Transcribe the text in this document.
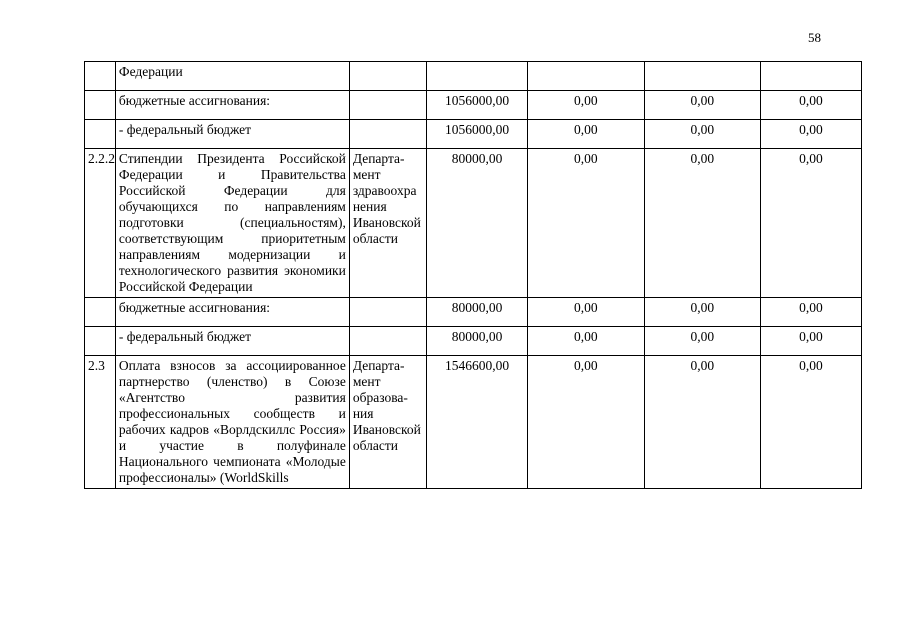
58
	Федерации					
	бюджетные ассигнования:		1056000,00	0,00	0,00	0,00
	- федеральный бюджет		1056000,00	0,00	0,00	0,00
2.2.2	Стипендии Президента Российской Федерации и Правительства Российской Федерации для обучающихся по направлениям подготовки (специальностям), соответствующим приоритетным направлениям модернизации и технологического развития экономики Российской Федерации	Департа-мент здравоохра нения Ивановской области	80000,00	0,00	0,00	0,00
	бюджетные ассигнования:		80000,00	0,00	0,00	0,00
	- федеральный бюджет		80000,00	0,00	0,00	0,00
2.3	Оплата взносов за ассоциированное партнерство (членство) в Союзе «Агентство развития профессиональных сообществ и рабочих кадров «Ворлдскиллс Россия» и участие в полуфинале Национального чемпионата «Молодые профессионалы» (WorldSkills	Департа-мент образова-ния Ивановской области	1546600,00	0,00	0,00	0,00
